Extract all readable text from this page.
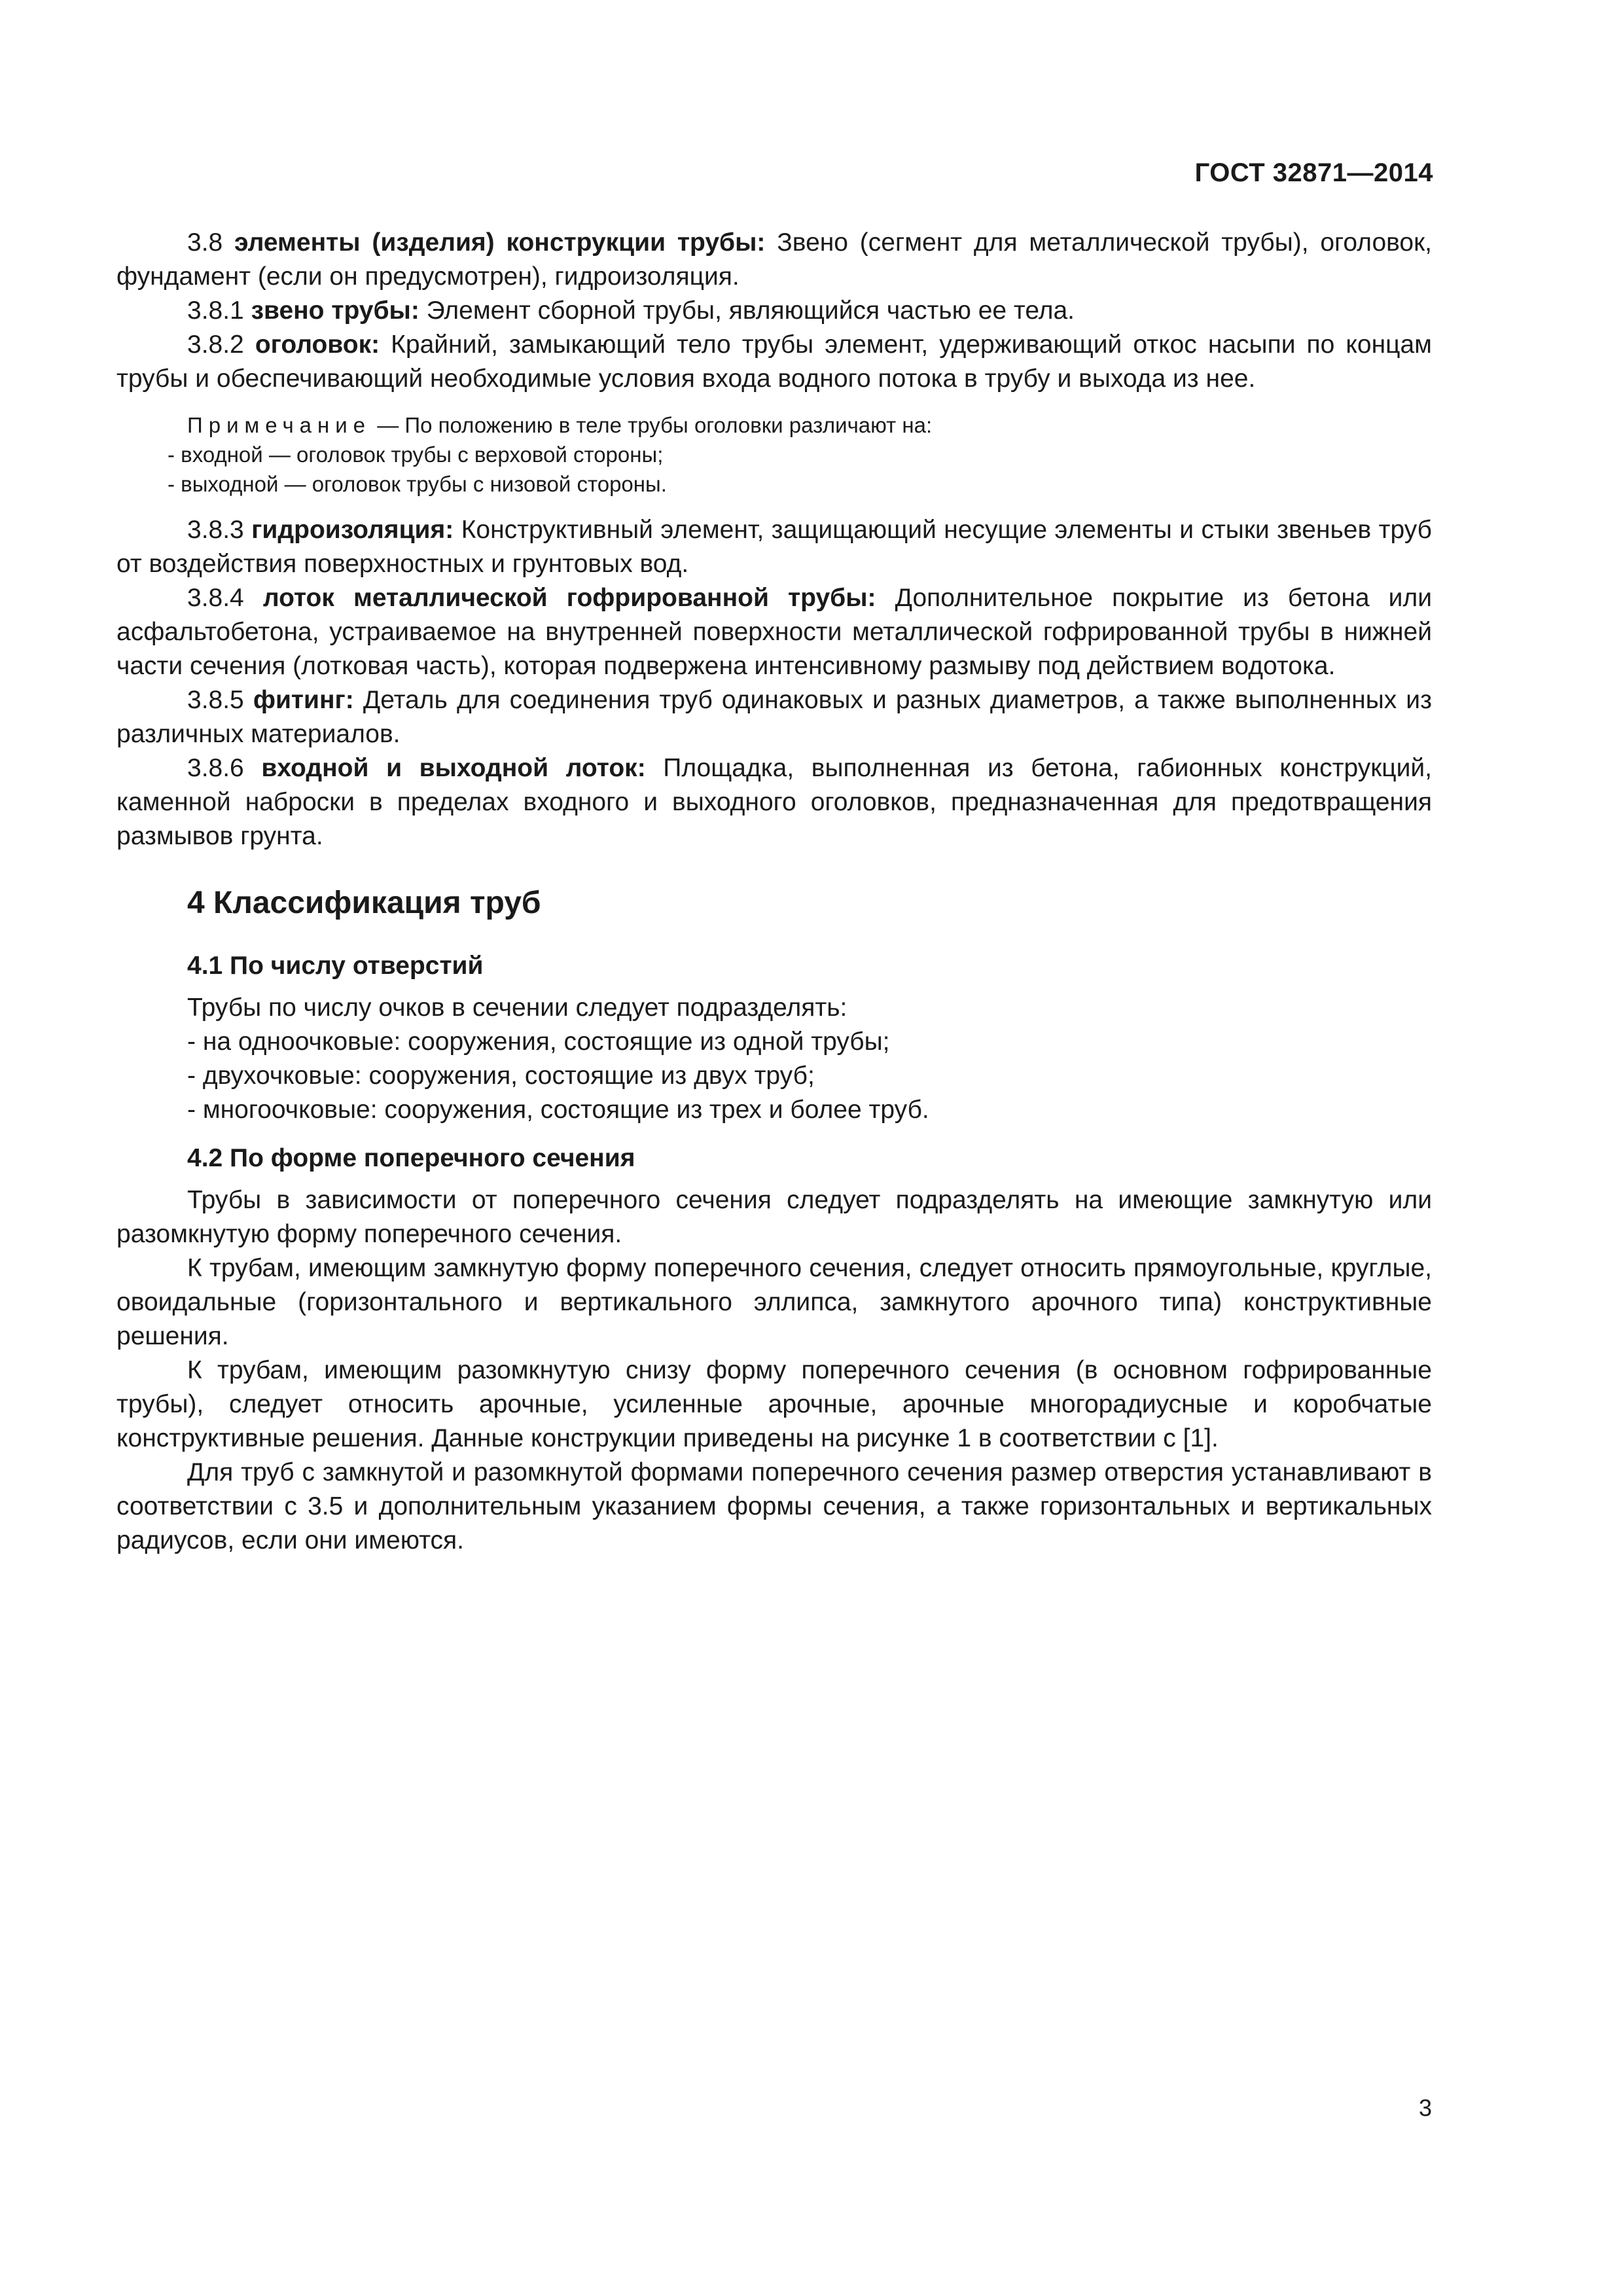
ГОСТ 32871—2014

3.8 элементы (изделия) конструкции трубы: Звено (сегмент для металлической трубы), оголовок, фундамент (если он предусмотрен), гидроизоляция.

3.8.1 звено трубы: Элемент сборной трубы, являющийся частью ее тела.

3.8.2 оголовок: Крайний, замыкающий тело трубы элемент, удерживающий откос насыпи по концам трубы и обеспечивающий необходимые условия входа водного потока в трубу и выхода из нее.

Примечание — По положению в теле трубы оголовки различают на:

- входной — оголовок трубы с верховой стороны;

- выходной — оголовок трубы с низовой стороны.

3.8.3 гидроизоляция: Конструктивный элемент, защищающий несущие элементы и стыки звеньев труб от воздействия поверхностных и грунтовых вод.

3.8.4 лоток металлической гофрированной трубы: Дополнительное покрытие из бетона или асфальтобетона, устраиваемое на внутренней поверхности металлической гофрированной трубы в нижней части сечения (лотковая часть), которая подвержена интенсивному размыву под действием водотока.

3.8.5 фитинг: Деталь для соединения труб одинаковых и разных диаметров, а также выполненных из различных материалов.

3.8.6 входной и выходной лоток: Площадка, выполненная из бетона, габионных конструкций, каменной наброски в пределах входного и выходного оголовков, предназначенная для предотвращения размывов грунта.

4 Классификация труб
4.1 По числу отверстий

Трубы по числу очков в сечении следует подразделять:

- на одноочковые: сооружения, состоящие из одной трубы;

- двухочковые: сооружения, состоящие из двух труб;

- многоочковые: сооружения, состоящие из трех и более труб.

4.2 По форме поперечного сечения

Трубы в зависимости от поперечного сечения следует подразделять на имеющие замкнутую или разомкнутую форму поперечного сечения.

К трубам, имеющим замкнутую форму поперечного сечения, следует относить прямоугольные, круглые, овоидальные (горизонтального и вертикального эллипса, замкнутого арочного типа) конструктивные решения.

К трубам, имеющим разомкнутую снизу форму поперечного сечения (в основном гофрированные трубы), следует относить арочные, усиленные арочные, арочные многорадиусные и коробчатые конструктивные решения. Данные конструкции приведены на рисунке 1 в соответствии с [1].

Для труб с замкнутой и разомкнутой формами поперечного сечения размер отверстия устанавливают в соответствии с 3.5 и дополнительным указанием формы сечения, а также горизонтальных и вертикальных радиусов, если они имеются.

3
